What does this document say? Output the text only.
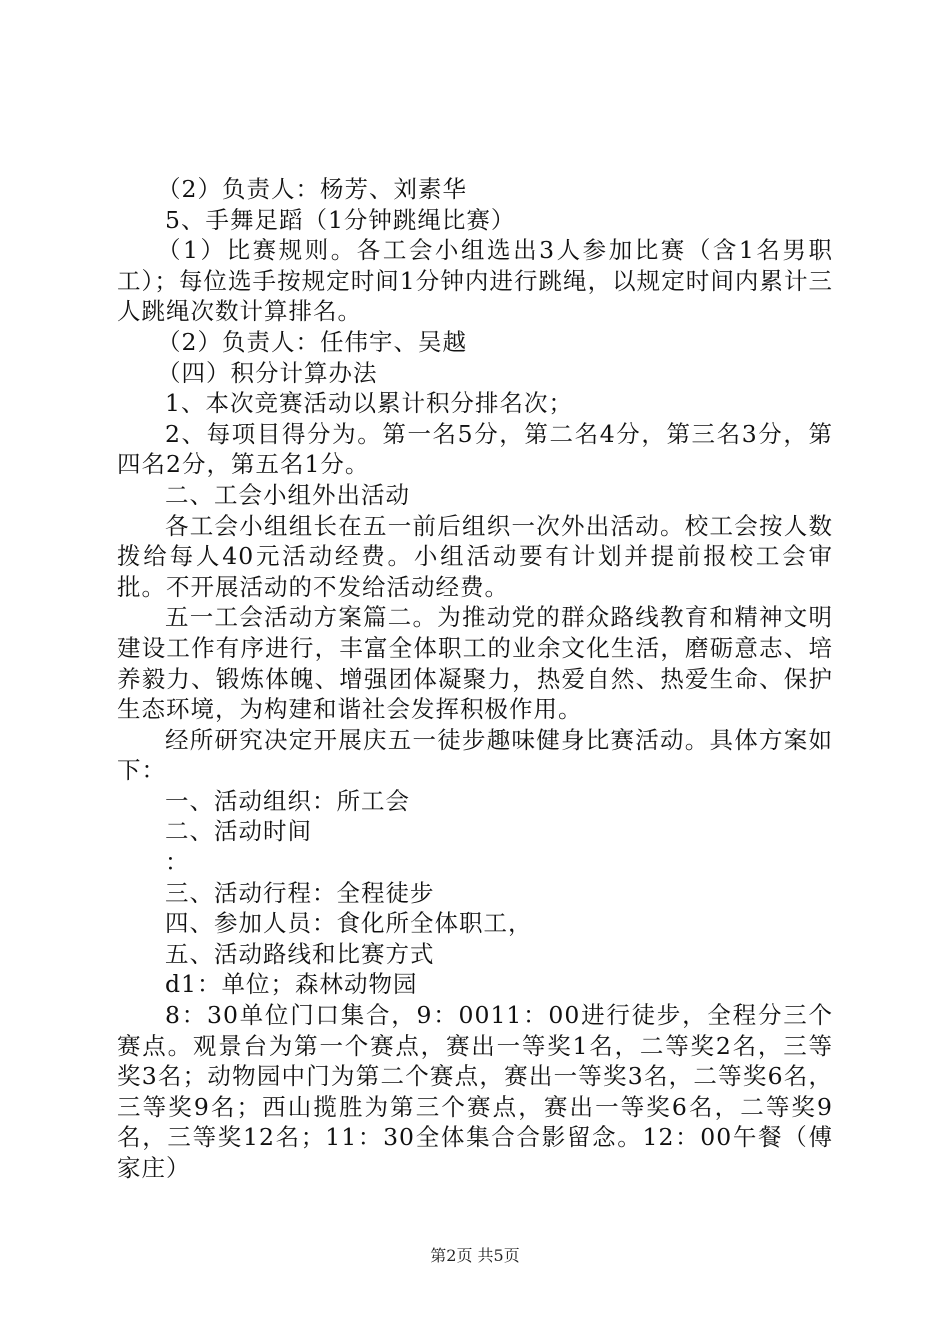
（2）负责人：杨芳、刘素华

5、手舞足蹈（1分钟跳绳比赛）

（1）比赛规则。各工会小组选出3人参加比赛（含1名男职工）；每位选手按规定时间1分钟内进行跳绳，以规定时间内累计三人跳绳次数计算排名。

（2）负责人：任伟宇、吴越

（四）积分计算办法

1、本次竞赛活动以累计积分排名次；

2、每项目得分为。第一名5分，第二名4分，第三名3分，第四名2分，第五名1分。

二、工会小组外出活动

各工会小组组长在五一前后组织一次外出活动。校工会按人数拨给每人40元活动经费。小组活动要有计划并提前报校工会审批。不开展活动的不发给活动经费。

五一工会活动方案篇二。为推动党的群众路线教育和精神文明建设工作有序进行，丰富全体职工的业余文化生活，磨砺意志、培养毅力、锻炼体魄、增强团体凝聚力，热爱自然、热爱生命、保护生态环境，为构建和谐社会发挥积极作用。

经所研究决定开展庆五一徒步趣味健身比赛活动。具体方案如下：

一、活动组织：所工会

二、活动时间

：

三、活动行程：全程徒步

四、参加人员：食化所全体职工，

五、活动路线和比赛方式

d1：单位；森林动物园

8：30单位门口集合，9：0011：00进行徒步，全程分三个赛点。观景台为第一个赛点，赛出一等奖1名，二等奖2名，三等奖3名；动物园中门为第二个赛点，赛出一等奖3名，二等奖6名，三等奖9名；西山揽胜为第三个赛点，赛出一等奖6名，二等奖9名，三等奖12名；11：30全体集合合影留念。12：00午餐（傅家庄）

第2页 共5页
